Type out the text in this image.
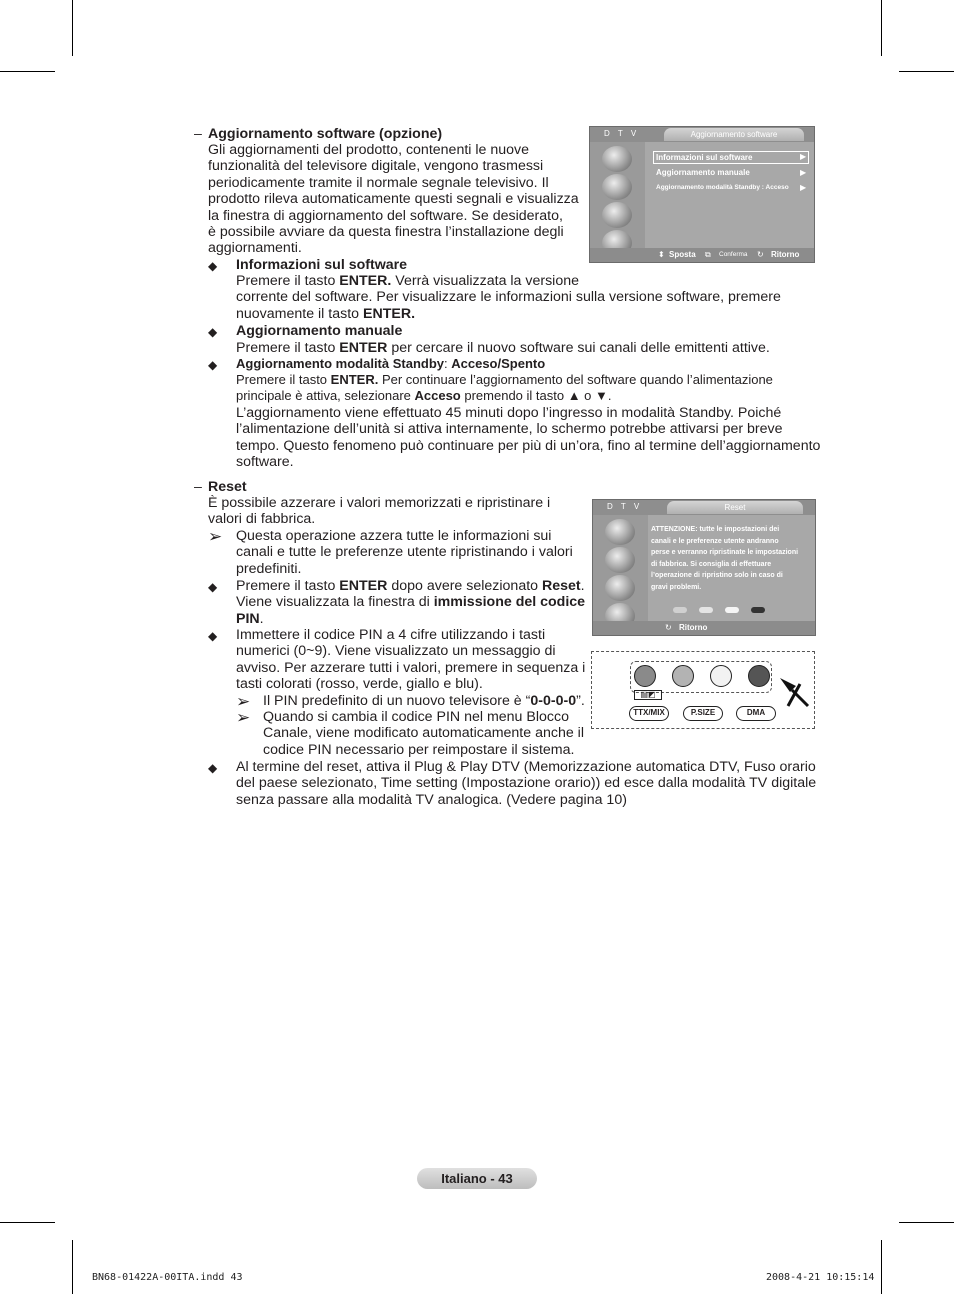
– Aggiornamento software (opzione)
Gli aggiornamenti del prodotto, contenenti le nuove
funzionalità del televisore digitale, vengono trasmessi
periodicamente tramite il normale segnale televisivo. Il
prodotto rileva automaticamente questi segnali e visualizza
la finestra di aggiornamento del software. Se desiderato,
è possibile avviare da questa finestra l’installazione degli
aggiornamenti.
◆ Informazioni sul software
Premere il tasto ENTER. Verrà visualizzata la versione
corrente del software. Per visualizzare le informazioni sulla versione software, premere
nuovamente il tasto ENTER.
◆ Aggiornamento manuale
Premere il tasto ENTER per cercare il nuovo software sui canali delle emittenti attive.
◆ Aggiornamento modalità Standby: Acceso/Spento
Premere il tasto ENTER. Per continuare l’aggiornamento del software quando l’alimentazione
principale è attiva, selezionare Acceso premendo il tasto ▲ o ▼.
L’aggiornamento viene effettuato 45 minuti dopo l’ingresso in modalità Standby. Poiché
l’alimentazione dell’unità si attiva internamente, lo schermo potrebbe attivarsi per breve
tempo. Questo fenomeno può continuare per più di un’ora, fino al termine dell’aggiornamento
software.
D T V	Aggiornamento software
Informazioni sul software	▶
Aggiornamento manuale	▶
Aggiornamento modalità Standby : Acceso ▶
⬍ Sposta ⧉ Conferma ↻ Ritorno
– Reset
È possibile azzerare i valori memorizzati e ripristinare i
valori di fabbrica.
➢ Questa operazione azzera tutte le informazioni sui
canali e tutte le preferenze utente ripristinando i valori
predefiniti.
◆ Premere il tasto ENTER dopo avere selezionato Reset.
Viene visualizzata la finestra di immissione del codice
PIN.
◆ Immettere il codice PIN a 4 cifre utilizzando i tasti
numerici (0~9). Viene visualizzato un messaggio di
avviso. Per azzerare tutti i valori, premere in sequenza i
tasti colorati (rosso, verde, giallo e blu).
➢ Il PIN predefinito di un nuovo televisore è “0-0-0-0”.
➢ Quando si cambia il codice PIN nel menu Blocco
Canale, viene modificato automaticamente anche il
codice PIN necessario per reimpostare il sistema.
◆ Al termine del reset, attiva il Plug & Play DTV (Memorizzazione automatica DTV, Fuso orario
del paese selezionato, Time setting (Impostazione orario)) ed esce dalla modalità TV digitale
senza passare alla modalità TV analogica. (Vedere pagina 10)
D T V	Reset
ATTENZIONE: tutte le impostazioni dei
canali e le preferenze utente andranno
perse e verranno ripristinate le impostazioni
di fabbrica. Si consiglia di effettuare
l’operazione di ripristino solo in caso di
gravi problemi.
↻ Ritorno
▤◩
TTX/MIX	P.SIZE	DMA
Italiano - 43
BN68-01422A-00ITA.indd 43	2008-4-21 10:15:14
